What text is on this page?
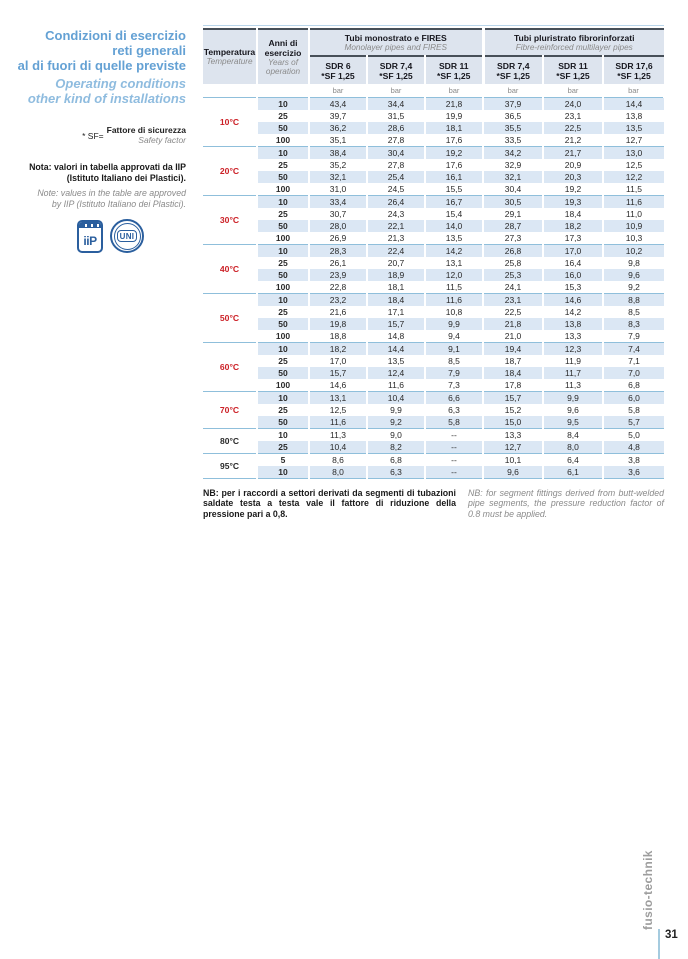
Condizioni di esercizio
reti generali
al di fuori di quelle previste
Operating conditions
other kind of installations
* SF=
Fattore di sicurezza
Safety factor
Nota: valori in tabella approvati da IIP
(Istituto Italiano dei Plastici).
Note: values in the table are approved
by IIP (Istituto Italiano dei Plastici).
iiP	UNI
Temperatura
Temperature

Anni di esercizio
Years of operation

Tubi monostrato e FIRES
Monolayer pipes and FIRES

Tubi pluristrato fibrorinforzati
Fibre-reinforced multilayer pipes

SDR 6
*SF 1,25

SDR 7,4
*SF 1,25

SDR 11
*SF 1,25

SDR 7,4
*SF 1,25

SDR 11
*SF 1,25

SDR 17,6
*SF 1,25

		bar	bar	bar	bar	bar	bar
10°C	10	43,4	34,4	21,8	37,9	24,0	14,4
	25	39,7	31,5	19,9	36,5	23,1	13,8
	50	36,2	28,6	18,1	35,5	22,5	13,5
	100	35,1	27,8	17,6	33,5	21,2	12,7
20°C	10	38,4	30,4	19,2	34,2	21,7	13,0
	25	35,2	27,8	17,6	32,9	20,9	12,5
	50	32,1	25,4	16,1	32,1	20,3	12,2
	100	31,0	24,5	15,5	30,4	19,2	11,5
30°C	10	33,4	26,4	16,7	30,5	19,3	11,6
	25	30,7	24,3	15,4	29,1	18,4	11,0
	50	28,0	22,1	14,0	28,7	18,2	10,9
	100	26,9	21,3	13,5	27,3	17,3	10,3
40°C	10	28,3	22,4	14,2	26,8	17,0	10,2
	25	26,1	20,7	13,1	25,8	16,4	9,8
	50	23,9	18,9	12,0	25,3	16,0	9,6
	100	22,8	18,1	11,5	24,1	15,3	9,2
50°C	10	23,2	18,4	11,6	23,1	14,6	8,8
	25	21,6	17,1	10,8	22,5	14,2	8,5
	50	19,8	15,7	9,9	21,8	13,8	8,3
	100	18,8	14,8	9,4	21,0	13,3	7,9
60°C	10	18,2	14,4	9,1	19,4	12,3	7,4
	25	17,0	13,5	8,5	18,7	11,9	7,1
	50	15,7	12,4	7,9	18,4	11,7	7,0
	100	14,6	11,6	7,3	17,8	11,3	6,8
70°C	10	13,1	10,4	6,6	15,7	9,9	6,0
	25	12,5	9,9	6,3	15,2	9,6	5,8
	50	11,6	9,2	5,8	15,0	9,5	5,7
80°C	10	11,3	9,0	--	13,3	8,4	5,0
	25	10,4	8,2	--	12,7	8,0	4,8
95°C	5	8,6	6,8	--	10,1	6,4	3,8
	10	8,0	6,3	--	9,6	6,1	3,6
NB: per i raccordi a settori derivati da segmenti di tubazioni saldate testa a testa vale il fattore di riduzione della pressione pari a 0,8.
NB: for segment fittings derived from butt-welded pipe segments, the pressure reduction factor of 0.8 must be applied.
fusio-technik
31
